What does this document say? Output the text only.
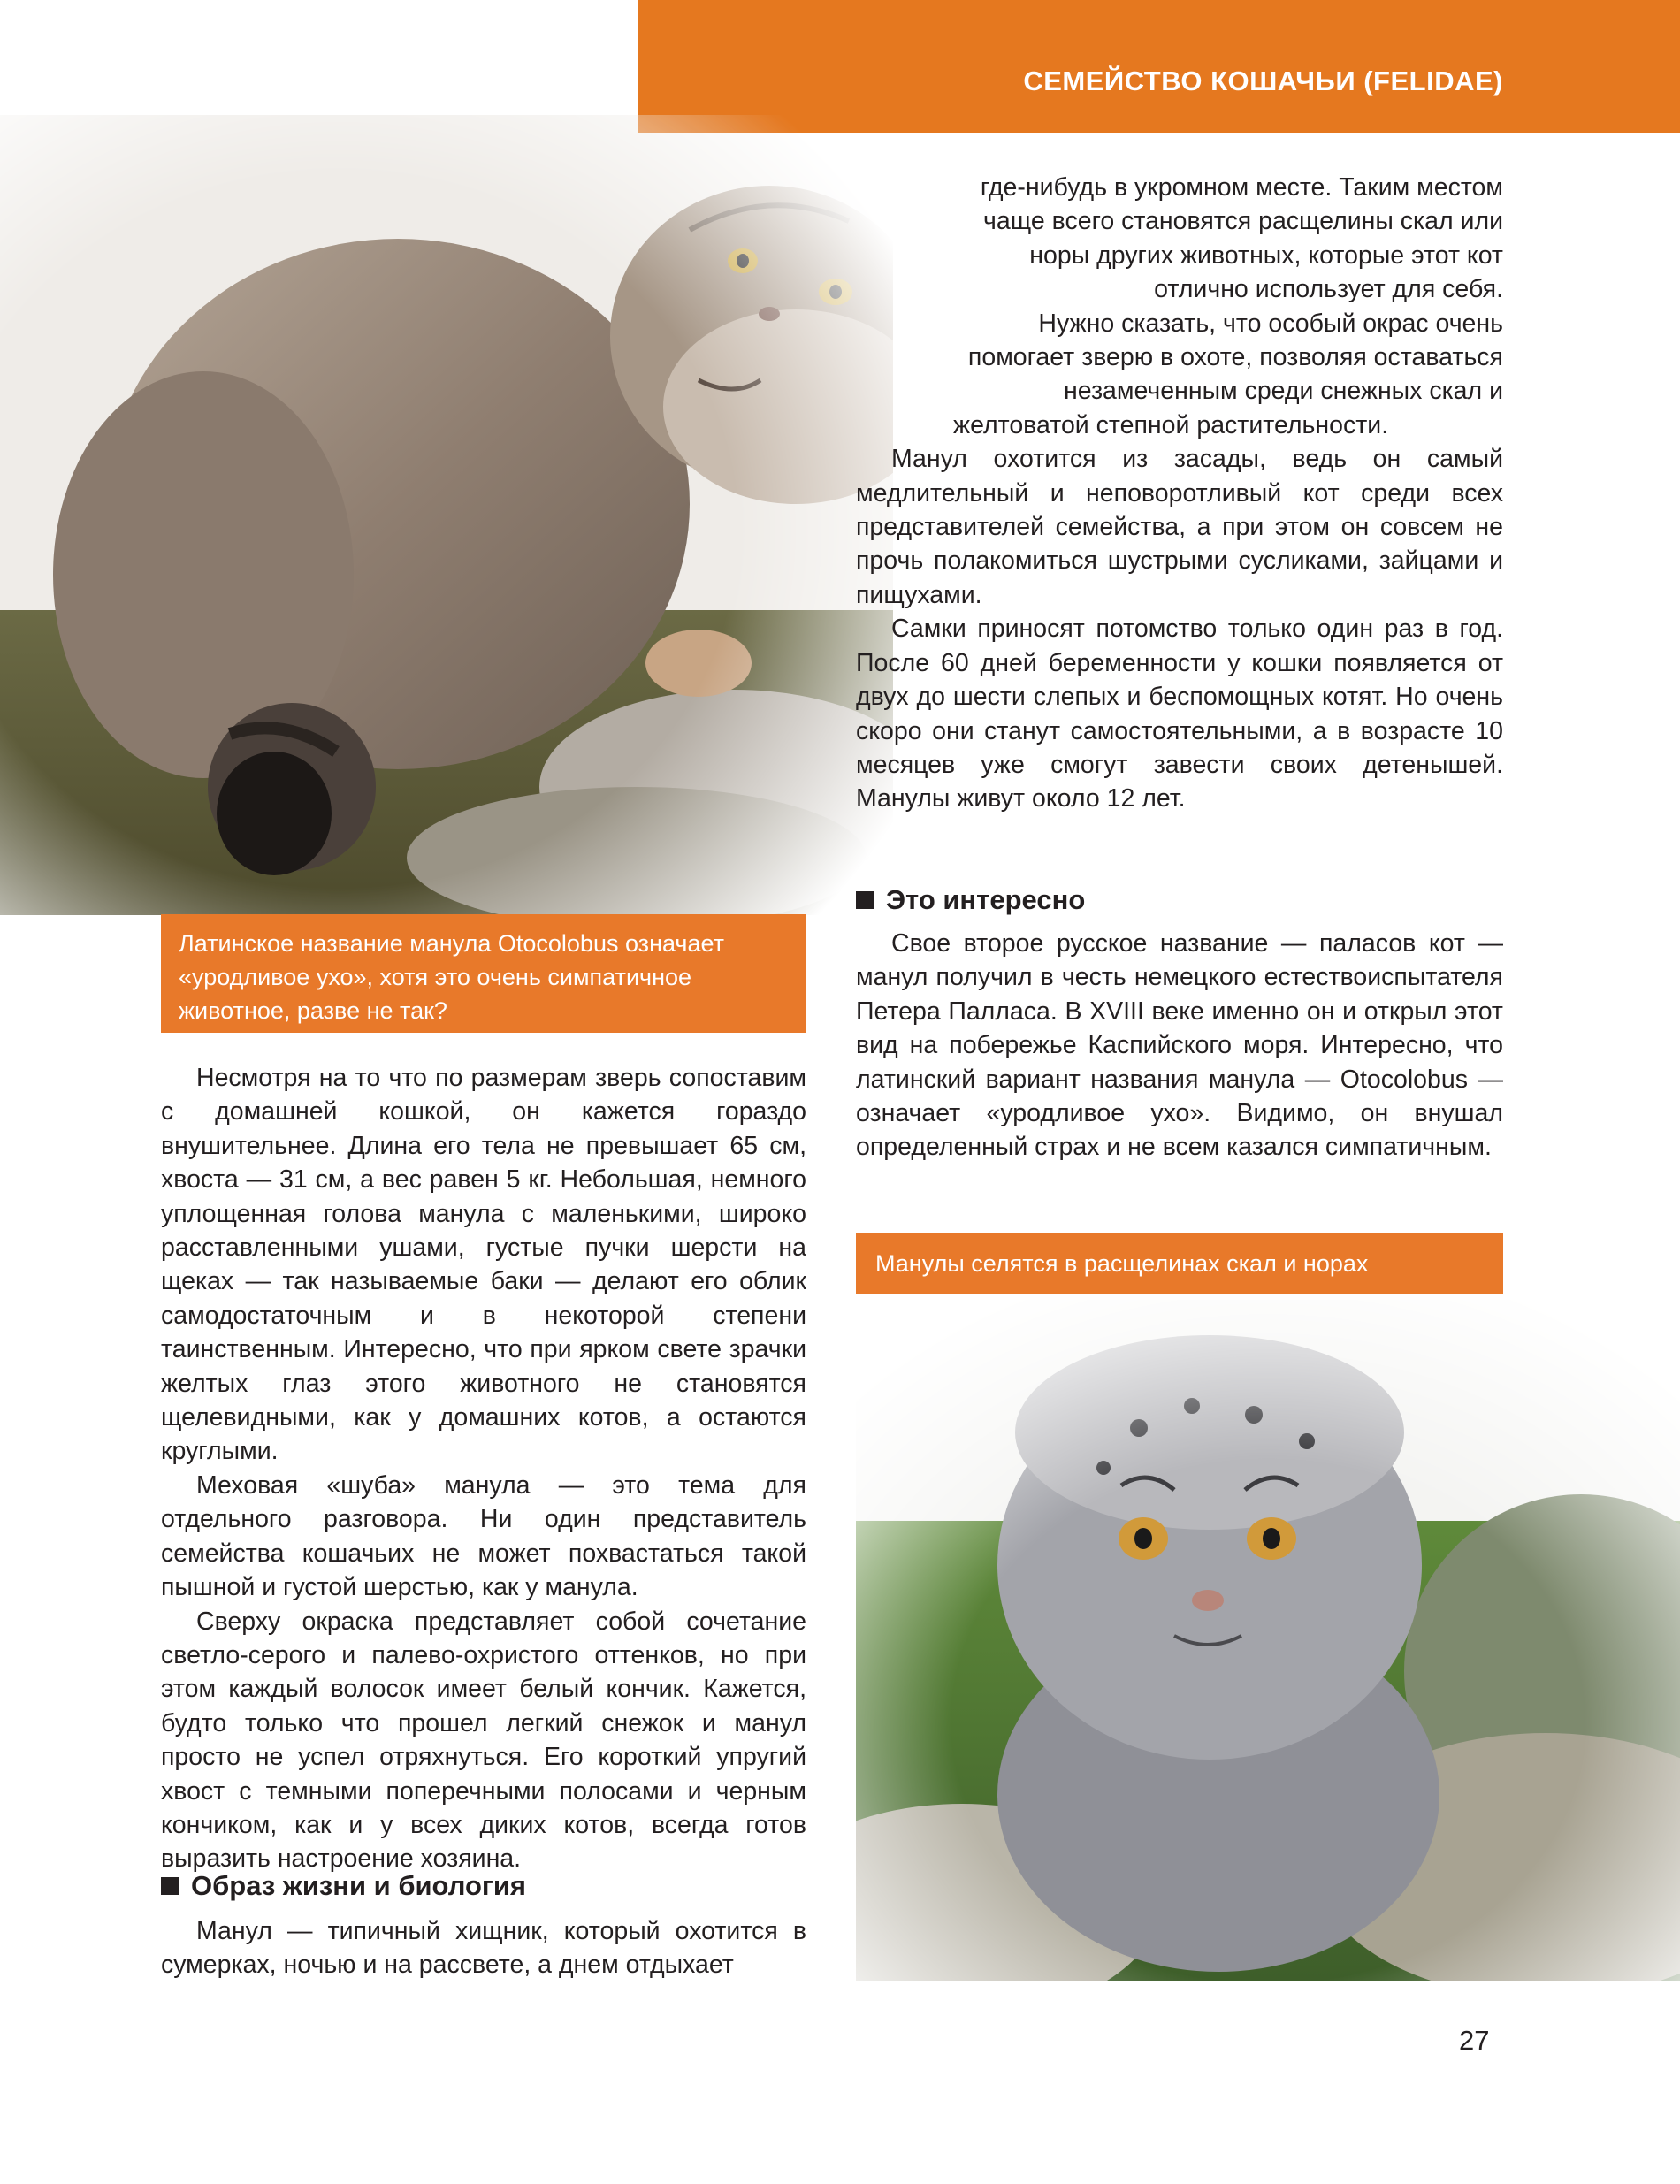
СЕМЕЙСТВО КОШАЧЬИ (FELIDAE)
Латинское название манула Otocolobus означает «уродливое ухо», хотя это очень симпатичное животное, разве не так?

где-нибудь в укромном месте. Таким местом чаще всего становятся расщелины скал или норы других животных, которые этот кот отлично использует для себя.

Нужно сказать, что особый окрас очень помогает зверю в охоте, позволяя оставаться незамеченным среди снежных скал и желтоватой степной растительности.

Манул охотится из засады, ведь он самый медлительный и неповоротливый кот среди всех представителей семейства, а при этом он совсем не прочь полакомиться шустрыми сусликами, зайцами и пищухами.

Самки приносят потомство только один раз в год. После 60 дней беременности у кошки появляется от двух до шести слепых и беспомощных котят. Но очень скоро они станут самостоятельными, а в возрасте 10 месяцев уже смогут завести своих детенышей. Манулы живут около 12 лет.

Это интересно

Свое второе русское название — паласов кот — манул получил в честь немецкого естествоиспытателя Петера Палласа. В XVIII веке именно он и открыл этот вид на побережье Каспийского моря. Интересно, что латинский вариант названия манула — Otocolobus — означает «уродливое ухо». Видимо, он внушал определенный страх и не всем казался симпатичным.

Манулы селятся в расщелинах скал и норах

Несмотря на то что по размерам зверь сопоставим с домашней кошкой, он кажется гораздо внушительнее. Длина его тела не превышает 65 см, хвоста — 31 см, а вес равен 5 кг. Небольшая, немного уплощенная голова манула с маленькими, широко расставленными ушами, густые пучки шерсти на щеках — так называемые баки — делают его облик самодостаточным и в некоторой степени таинственным. Интересно, что при ярком свете зрачки желтых глаз этого животного не становятся щелевидными, как у домашних котов, а остаются круглыми.

Меховая «шуба» манула — это тема для отдельного разговора. Ни один представитель семейства кошачьих не может похвастаться такой пышной и густой шерстью, как у манула.

Сверху окраска представляет собой сочетание светло-серого и палево-охристого оттенков, но при этом каждый волосок имеет белый кончик. Кажется, будто только что прошел легкий снежок и манул просто не успел отряхнуться. Его короткий упругий хвост с темными поперечными полосами и черным кончиком, как и у всех диких котов, всегда готов выразить настроение хозяина.

Образ жизни и биология

Манул — типичный хищник, который охотится в сумерках, ночью и на рассвете, а днем отдыхает

27
